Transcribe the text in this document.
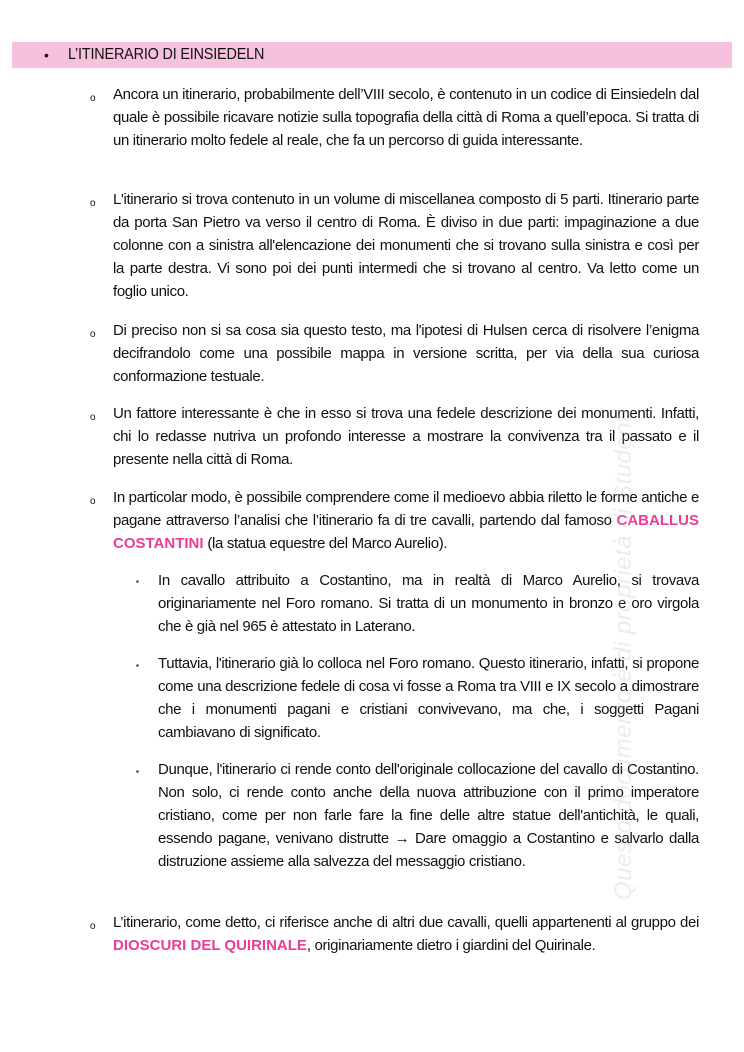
• L’ITINERARIO DI EINSIEDELN
o Ancora un itinerario, probabilmente dell’VIII secolo, è contenuto in un codice di Einsiedeln dal quale è possibile ricavare notizie sulla topografia della città di Roma a quell’epoca. Si tratta di un itinerario molto fedele al reale, che fa un percorso di guida interessante.

o L'itinerario si trova contenuto in un volume di miscellanea composto di 5 parti. Itinerario parte da porta San Pietro va verso il centro di Roma. È diviso in due parti: impaginazione a due colonne con a sinistra all'elencazione dei monumenti che si trovano sulla sinistra e così per la parte destra. Vi sono poi dei punti intermedi che si trovano al centro. Va letto come un foglio unico.

o Di preciso non si sa cosa sia questo testo, ma l'ipotesi di Hulsen cerca di risolvere l’enigma decifrandolo come una possibile mappa in versione scritta, per via della sua curiosa conformazione testuale.

o Un fattore interessante è che in esso si trova una fedele descrizione dei monumenti. Infatti, chi lo redasse nutriva un profondo interesse a mostrare la convivenza tra il passato e il presente nella città di Roma.

o In particolar modo, è possibile comprendere come il medioevo abbia riletto le forme antiche e pagane attraverso l’analisi che l’itinerario fa di tre cavalli, partendo dal famoso CABALLUS COSTANTINI (la statua equestre del Marco Aurelio).

▪ In cavallo attribuito a Costantino, ma in realtà di Marco Aurelio, si trovava originariamente nel Foro romano. Si tratta di un monumento in bronzo e oro virgola che è già nel 965 è attestato in Laterano.

▪ Tuttavia, l'itinerario già lo colloca nel Foro romano. Questo itinerario, infatti, si propone come una descrizione fedele di cosa vi fosse a Roma tra VIII e IX secolo a dimostrare che i monumenti pagani e cristiani convivevano, ma che, i soggetti Pagani cambiavano di significato.

▪ Dunque, l'itinerario ci rende conto dell'originale collocazione del cavallo di Costantino. Non solo, ci rende conto anche della nuova attribuzione con il primo imperatore cristiano, come per non farle fare la fine delle altre statue dell'antichità, le quali, essendo pagane, venivano distrutte → Dare omaggio a Costantino e salvarlo dalla distruzione assieme alla salvezza del messaggio cristiano.

o L’itinerario, come detto, ci riferisce anche di altri due cavalli, quelli appartenenti al gruppo dei DIOSCURI DEL QUIRINALE, originariamente dietro i giardini del Quirinale.

Questo documento è di proprietà di Studenti
